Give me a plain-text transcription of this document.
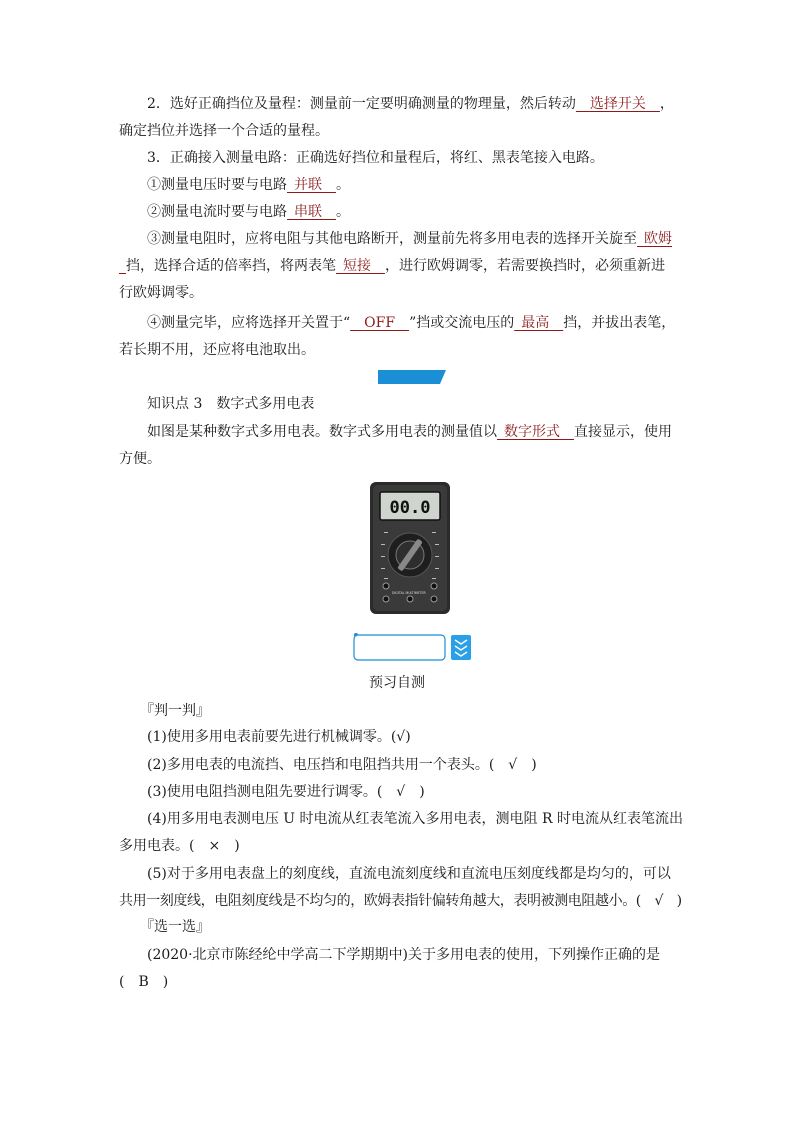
2．选好正确挡位及量程：测量前一定要明确测量的物理量，然后转动  选择开关  ，

确定挡位并选择一个合适的量程。

3．正确接入测量电路：正确选好挡位和量程后，将红、黑表笔接入电路。

①测量电压时要与电路  并联  。

②测量电流时要与电路  串联  。

③测量电阻时，应将电阻与其他电路断开，测量前先将多用电表的选择开关旋至  欧姆

 挡，选择合适的倍率挡，将两表笔  短接  ，进行欧姆调零，若需要换挡时，必须重新进

行欧姆调零。

④测量完毕，应将选择开关置于“  OFF  ”挡或交流电压的  最高  挡，并拔出表笔，

若长期不用，还应将电池取出。

知识点 3　数字式多用电表

如图是某种数字式多用电表。数字式多用电表的测量值以  数字形式  直接显示，使用

方便。

00.0
DIGITAL MULTIMETER
预习自测

『判一判』

(1)使用多用电表前要先进行机械调零。(√)

(2)多用电表的电流挡、电压挡和电阻挡共用一个表头。(　√　)

(3)使用电阻挡测电阻先要进行调零。(　√　)

(4)用多用电表测电压 U 时电流从红表笔流入多用电表，测电阻 R 时电流从红表笔流出

多用电表。(　×　)

(5)对于多用电表盘上的刻度线，直流电流刻度线和直流电压刻度线都是均匀的，可以

共用一刻度线，电阻刻度线是不均匀的，欧姆表指针偏转角越大，表明被测电阻越小。(　√　)

『选一选』

(2020·北京市陈经纶中学高二下学期期中)关于多用电表的使用，下列操作正确的是

(　B　)
